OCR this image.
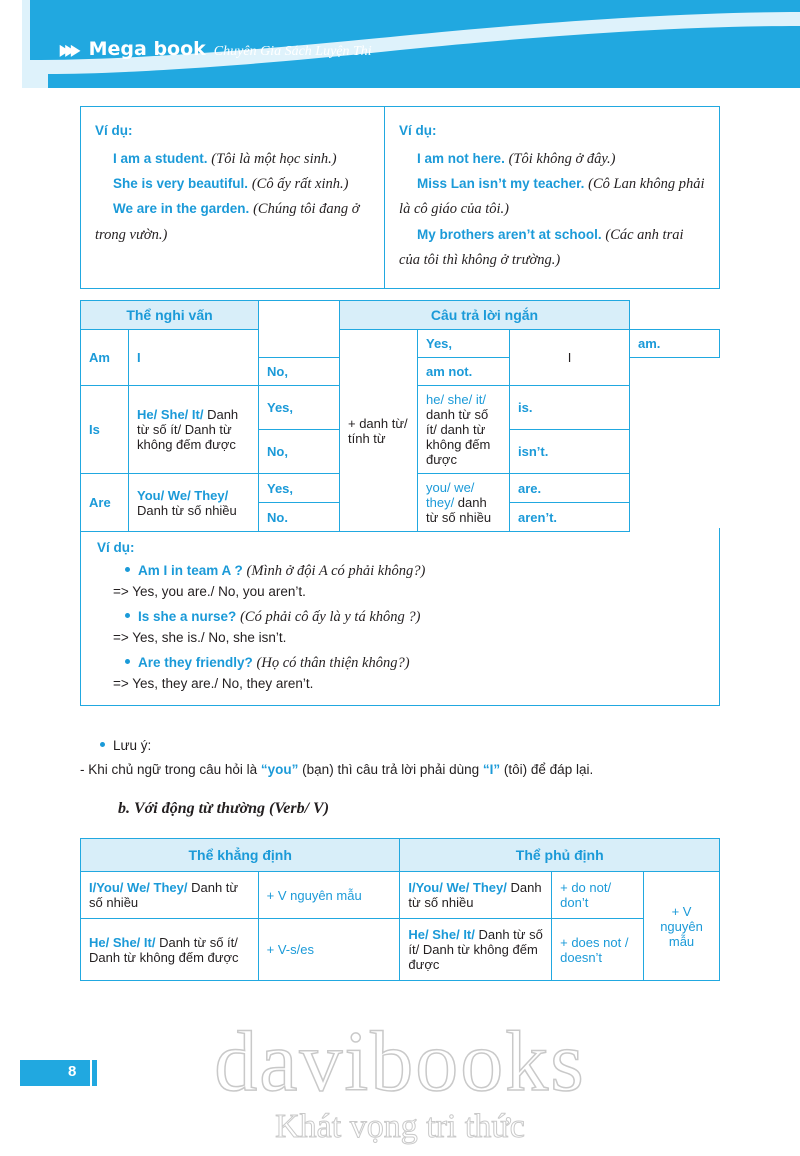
▸▸▸ Mega book Chuyên Gia Sách Luyện Thi
Ví dụ:
I am a student. (Tôi là một học sinh.)
She is very beautiful. (Cô ấy rất xinh.)
We are in the garden. (Chúng tôi đang ở trong vườn.)
Ví dụ:
I am not here. (Tôi không ở đây.)
Miss Lan isn’t my teacher. (Cô Lan không phải là cô giáo của tôi.)
My brothers aren’t at school. (Các anh trai của tôi thì không ở trường.)
Thể nghi vấn			Câu trả lời ngắn			
Am	I		+ danh từ/ tính từ	Yes,	I	am.
		No,		am not.		
Is	He/ She/ It/ Danh từ số ít/ Danh từ không đếm được	Yes,		he/ she/ it/ danh từ số ít/ danh từ không đếm được	is.	
		No,			isn’t.	
Are	You/ We/ They/ Danh từ số nhiều	Yes,		you/ we/ they/ danh từ số nhiều	are.	
		No.			aren’t.	
Ví dụ:
Am I in team A ? (Mình ở đội A có phải không?)
=> Yes, you are./ No, you aren’t.
Is she a nurse? (Có phải cô ấy là y tá không ?)
=> Yes, she is./ No, she isn’t.
Are they friendly? (Họ có thân thiện không?)
=> Yes, they are./ No, they aren’t.
Lưu ý:
- Khi chủ ngữ trong câu hỏi là “you” (bạn) thì câu trả lời phải dùng “I” (tôi) để đáp lại.
b. Với động từ thường (Verb/ V)
Thể khẳng định		Thể phủ định		
I/You/ We/ They/ Danh từ số nhiều	+ V nguyên mẫu	I/You/ We/ They/ Danh từ số nhiều	+ do not/ don’t	+ V nguyên mẫu
He/ She/ It/ Danh từ số ít/ Danh từ không đếm được	+ V-s/es	He/ She/ It/ Danh từ số ít/ Danh từ không đếm được	+ does not / doesn’t	
davibooks
Khát vọng tri thức
8
